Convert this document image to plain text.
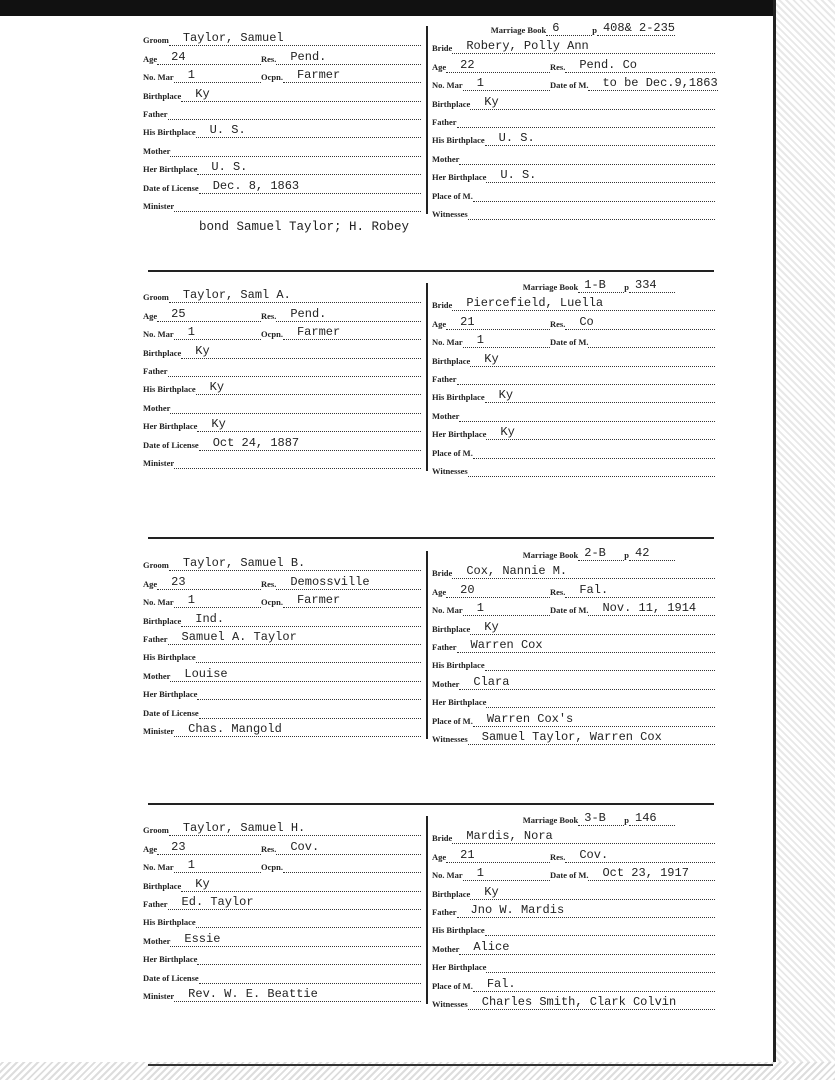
Groom	Taylor, Samuel
Age	24	Res.	Pend.
No. Mar	1	Ocpn.	Farmer
Birthplace	Ky
Father
His Birthplace	U. S.
Mother
Her Birthplace	U. S.
Date of License	Dec. 8, 1863
Minister
Marriage Book 6	p 408& 2-235
Bride	Robery, Polly Ann
Age	22	Res.	Pend. Co
No. Mar	1	Date of M.	to be Dec.9,1863
Birthplace	Ky
Father
His Birthplace	U. S.
Mother
Her Birthplace	U. S.
Place of M.
Witnesses
bond Samuel Taylor; H. Robey
Groom	Taylor, Saml A.
Age	25	Res.	Pend.
No. Mar	1	Ocpn.	Farmer
Birthplace	Ky
Father
His Birthplace	Ky
Mother
Her Birthplace	Ky
Date of License	Oct 24, 1887
Minister
Marriage Book 1-B	p 334
Bride	Piercefield, Luella
Age	21	Res.	Co
No. Mar	1	Date of M.
Birthplace	Ky
Father
His Birthplace	Ky
Mother
Her Birthplace	Ky
Place of M.
Witnesses
Groom	Taylor, Samuel B.
Age	23	Res.	Demossville
No. Mar	1	Ocpn.	Farmer
Birthplace	Ind.
Father	Samuel A. Taylor
His Birthplace
Mother	Louise
Her Birthplace
Date of License
Minister	Chas. Mangold
Marriage Book 2-B	p 42
Bride	Cox, Nannie M.
Age	20	Res.	Fal.
No. Mar	1	Date of M.	Nov. 11, 1914
Birthplace	Ky
Father	Warren Cox
His Birthplace
Mother	Clara
Her Birthplace
Place of M.	Warren Cox's
Witnesses	Samuel Taylor, Warren Cox
Groom	Taylor, Samuel H.
Age	23	Res.	Cov.
No. Mar	1	Ocpn.
Birthplace	Ky
Father	Ed. Taylor
His Birthplace
Mother	Essie
Her Birthplace
Date of License
Minister	Rev. W. E. Beattie
Marriage Book 3-B	p 146
Bride	Mardis, Nora
Age	21	Res.	Cov.
No. Mar	1	Date of M.	Oct 23, 1917
Birthplace	Ky
Father	Jno W. Mardis
His Birthplace
Mother	Alice
Her Birthplace
Place of M.	Fal.
Witnesses	Charles Smith, Clark Colvin
